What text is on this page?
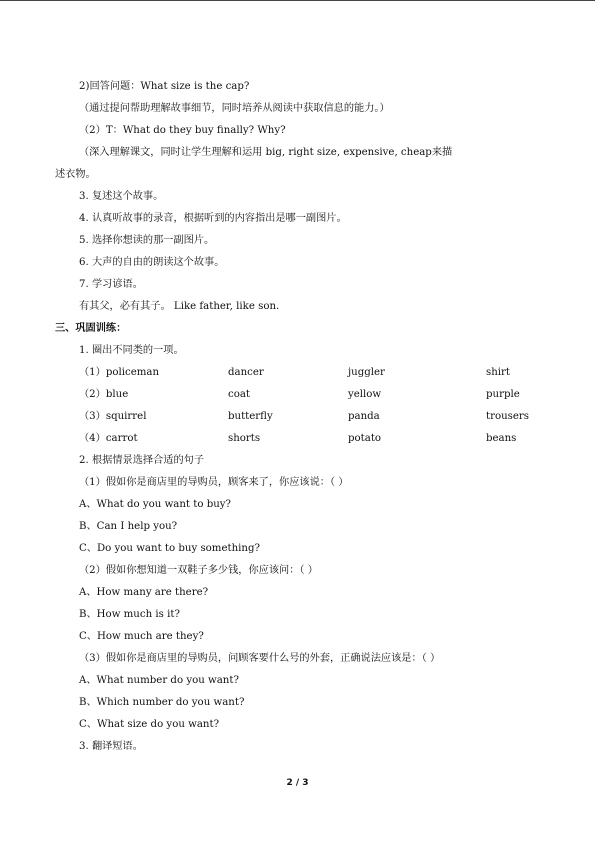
2)回答问题：What size is the cap?
（通过提问帮助理解故事细节，同时培养从阅读中获取信息的能力。）
（2）T：What do they buy finally? Why?
（深入理解课文，同时让学生理解和运用 big, right size, expensive, cheap来描
述衣物。
3. 复述这个故事。
4. 认真听故事的录音，根据听到的内容指出是哪一副图片。
5. 选择你想读的那一副图片。
6. 大声的自由的朗读这个故事。
7. 学习谚语。
有其父，必有其子。 Like father, like son.
三、巩固训练：
1. 圈出不同类的一项。
（1）policeman	dancer	juggler	shirt
（2）blue	coat	yellow	purple
（3）squirrel	butterfly	panda	trousers
（4）carrot	shorts	potato	beans
2. 根据情景选择合适的句子
（1）假如你是商店里的导购员，顾客来了，你应该说：（ ）
A、What do you want to buy?
B、Can I help you?
C、Do you want to buy something?
（2）假如你想知道一双鞋子多少钱，你应该问：（ ）
A、How many are there?
B、How much is it?
C、How much are they?
（3）假如你是商店里的导购员，问顾客要什么号的外套，正确说法应该是：（ ）
A、What number do you want?
B、Which number do you want?
C、What size do you want?
3. 翻译短语。
2 / 3
